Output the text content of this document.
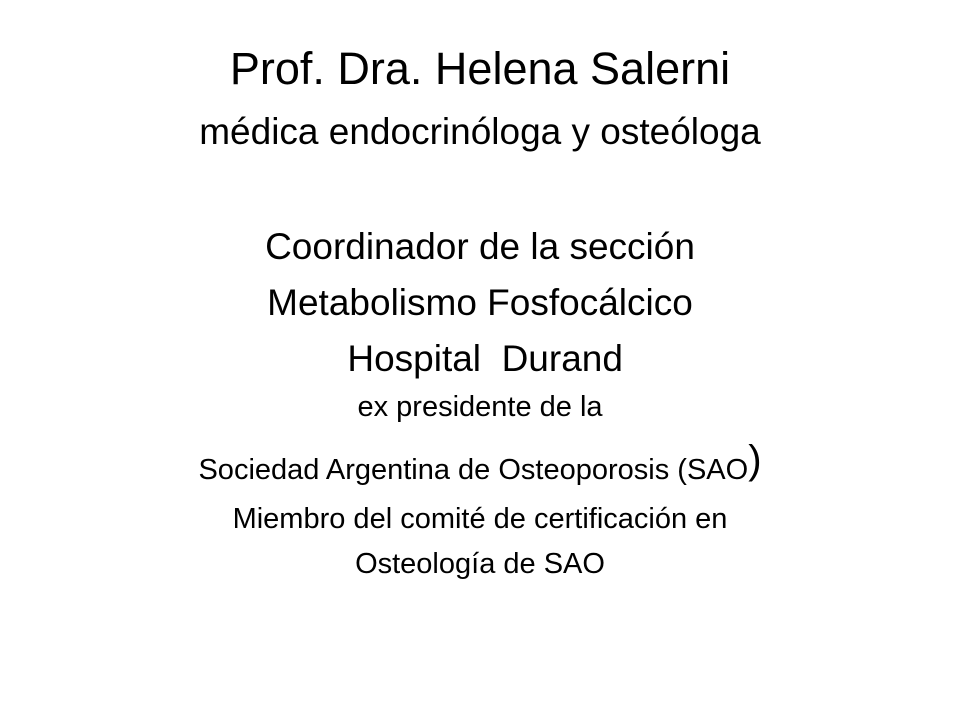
Prof. Dra. Helena Salerni
médica endocrinóloga y osteóloga
Coordinador de la sección
Metabolismo Fosfocálcico
Hospital  Durand
ex presidente de la
Sociedad Argentina de Osteoporosis (SAO)
Miembro del comité de certificación en
Osteología de SAO
